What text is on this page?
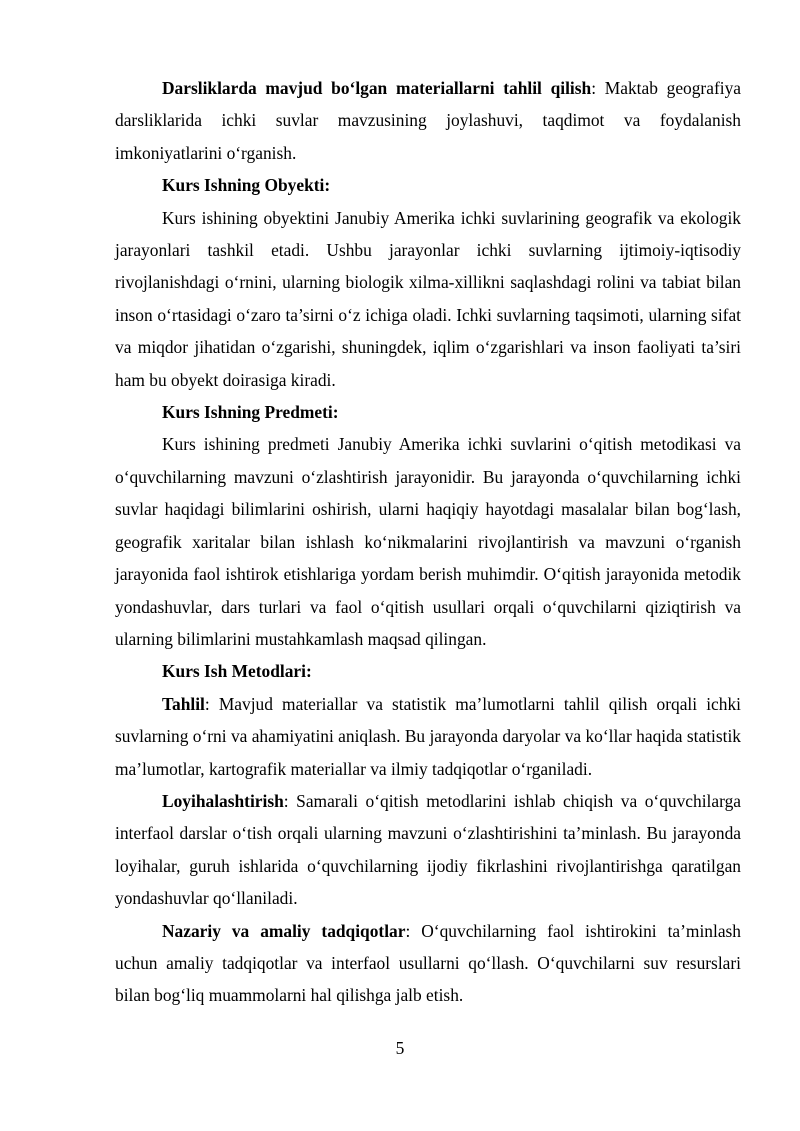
Darsliklarda mavjud bo‘lgan materiallarni tahlil qilish: Maktab geografiya darsliklarida ichki suvlar mavzusining joylashuvi, taqdimot va foydalanish imkoniyatlarini o‘rganish.

Kurs Ishning Obyekti:

Kurs ishining obyektini Janubiy Amerika ichki suvlarining geografik va ekologik jarayonlari tashkil etadi. Ushbu jarayonlar ichki suvlarning ijtimoiy-iqtisodiy rivojlanishdagi o‘rnini, ularning biologik xilma-xillikni saqlashdagi rolini va tabiat bilan inson o‘rtasidagi o‘zaro ta’sirni o‘z ichiga oladi. Ichki suvlarning taqsimoti, ularning sifat va miqdor jihatidan o‘zgarishi, shuningdek, iqlim o‘zgarishlari va inson faoliyati ta’siri ham bu obyekt doirasiga kiradi.

Kurs Ishning Predmeti:

Kurs ishining predmeti Janubiy Amerika ichki suvlarini o‘qitish metodikasi va o‘quvchilarning mavzuni o‘zlashtirish jarayonidir. Bu jarayonda o‘quvchilarning ichki suvlar haqidagi bilimlarini oshirish, ularni haqiqiy hayotdagi masalalar bilan bog‘lash, geografik xaritalar bilan ishlash ko‘nikmalarini rivojlantirish va mavzuni o‘rganish jarayonida faol ishtirok etishlariga yordam berish muhimdir. O‘qitish jarayonida metodik yondashuvlar, dars turlari va faol o‘qitish usullari orqali o‘quvchilarni qiziqtirish va ularning bilimlarini mustahkamlash maqsad qilingan.

Kurs Ish Metodlari:

Tahlil: Mavjud materiallar va statistik ma’lumotlarni tahlil qilish orqali ichki suvlarning o‘rni va ahamiyatini aniqlash. Bu jarayonda daryolar va ko‘llar haqida statistik ma’lumotlar, kartografik materiallar va ilmiy tadqiqotlar o‘rganiladi.

Loyihalashtirish: Samarali o‘qitish metodlarini ishlab chiqish va o‘quvchilarga interfaol darslar o‘tish orqali ularning mavzuni o‘zlashtirishini ta’minlash. Bu jarayonda loyihalar, guruh ishlarida o‘quvchilarning ijodiy fikrlashini rivojlantirishga qaratilgan yondashuvlar qo‘llaniladi.

Nazariy va amaliy tadqiqotlar: O‘quvchilarning faol ishtirokini ta’minlash uchun amaliy tadqiqotlar va interfaol usullarni qo‘llash. O‘quvchilarni suv resurslari bilan bog‘liq muammolarni hal qilishga jalb etish.

5
